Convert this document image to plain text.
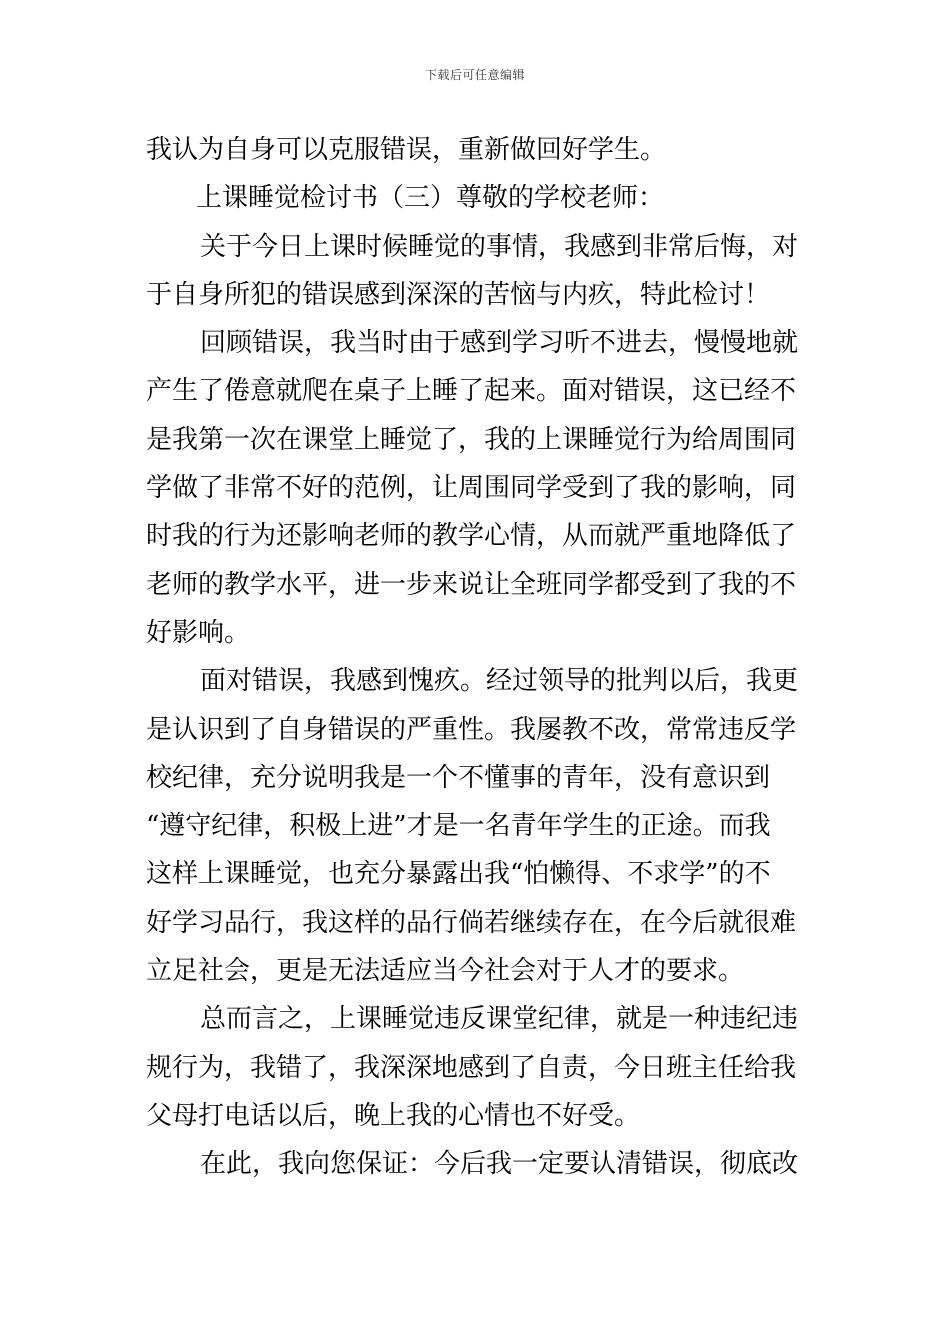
下载后可任意编辑
我认为自身可以克服错误，重新做回好学生。
上课睡觉检讨书（三）尊敬的学校老师：
关于今日上课时候睡觉的事情，我感到非常后悔，对
于自身所犯的错误感到深深的苦恼与内疚，特此检讨！
回顾错误，我当时由于感到学习听不进去，慢慢地就
产生了倦意就爬在桌子上睡了起来。面对错误，这已经不
是我第一次在课堂上睡觉了，我的上课睡觉行为给周围同
学做了非常不好的范例，让周围同学受到了我的影响，同
时我的行为还影响老师的教学心情，从而就严重地降低了
老师的教学水平，进一步来说让全班同学都受到了我的不
好影响。
面对错误，我感到愧疚。经过领导的批判以后，我更
是认识到了自身错误的严重性。我屡教不改，常常违反学
校纪律，充分说明我是一个不懂事的青年，没有意识到
“遵守纪律，积极上进”才是一名青年学生的正途。而我
这样上课睡觉，也充分暴露出我“怕懒得、不求学”的不
好学习品行，我这样的品行倘若继续存在，在今后就很难
立足社会，更是无法适应当今社会对于人才的要求。
总而言之，上课睡觉违反课堂纪律，就是一种违纪违
规行为，我错了，我深深地感到了自责，今日班主任给我
父母打电话以后，晚上我的心情也不好受。
在此，我向您保证：今后我一定要认清错误，彻底改
